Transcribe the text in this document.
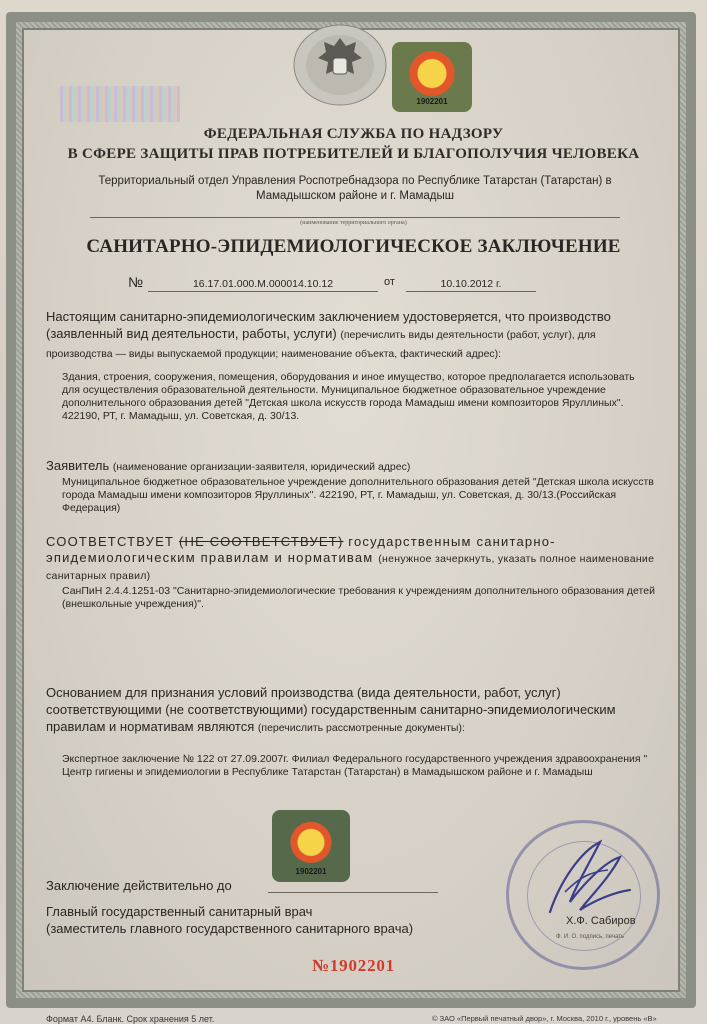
1902201
ФЕДЕРАЛЬНАЯ СЛУЖБА ПО НАДЗОРУ
В СФЕРЕ ЗАЩИТЫ ПРАВ ПОТРЕБИТЕЛЕЙ И БЛАГОПОЛУЧИЯ ЧЕЛОВЕКА
Территориальный отдел Управления Роспотребнадзора по Республике Татарстан (Татарстан) в Мамадышском районе и г. Мамадыш
(наименование территориального органа)
САНИТАРНО-ЭПИДЕМИОЛОГИЧЕСКОЕ ЗАКЛЮЧЕНИЕ
№	16.17.01.000.М.000014.10.12	от	10.10.2012 г.
Настоящим санитарно-эпидемиологическим заключением удостоверяется, что производство (заявленный вид деятельности, работы, услуги) (перечислить виды деятельности (работ, услуг), для производства — виды выпускаемой продукции; наименование объекта, фактический адрес):
Здания, строения, сооружения, помещения, оборудования и иное имущество, которое предполагается использовать для осуществления образовательной деятельности. Муниципальное бюджетное образовательное учреждение дополнительного образования детей "Детская школа искусств города Мамадыш имени композиторов Яруллиных". 422190, РТ, г. Мамадыш, ул. Советская, д. 30/13.
Заявитель (наименование организации-заявителя, юридический адрес)
Муниципальное бюджетное образовательное учреждение дополнительного образования детей "Детская школа искусств города Мамадыш имени композиторов Яруллиных". 422190, РТ, г. Мамадыш, ул. Советская, д. 30/13.(Российская Федерация)
СООТВЕТСТВУЕТ (НЕ СООТВЕТСТВУЕТ) государственным санитарно-эпидемиологическим правилам и нормативам (ненужное зачеркнуть, указать полное наименование санитарных правил)
СанПиН 2.4.4.1251-03 "Санитарно-эпидемиологические требования к учреждениям дополнительного образования детей (внешкольные учреждения)".
Основанием для признания условий производства (вида деятельности, работ, услуг) соответствующими (не соответствующими) государственным санитарно-эпидемиологическим правилам и нормативам являются (перечислить рассмотренные документы):
Экспертное заключение № 122 от 27.09.2007г. Филиал Федерального государственного учреждения здравоохранения " Центр гигиены и эпидемиологии в Республике Татарстан (Татарстан) в Мамадышском районе и г. Мамадыш
1902201
Заключение действительно до
Главный государственный санитарный врач
(заместитель главного государственного санитарного врача)	Х.Ф. Сабиров
Ф. И. О. подпись, печать
№1902201
Формат А4. Бланк. Срок хранения 5 лет.	© ЗАО «Первый печатный двор», г. Москва, 2010 г., уровень «В»
